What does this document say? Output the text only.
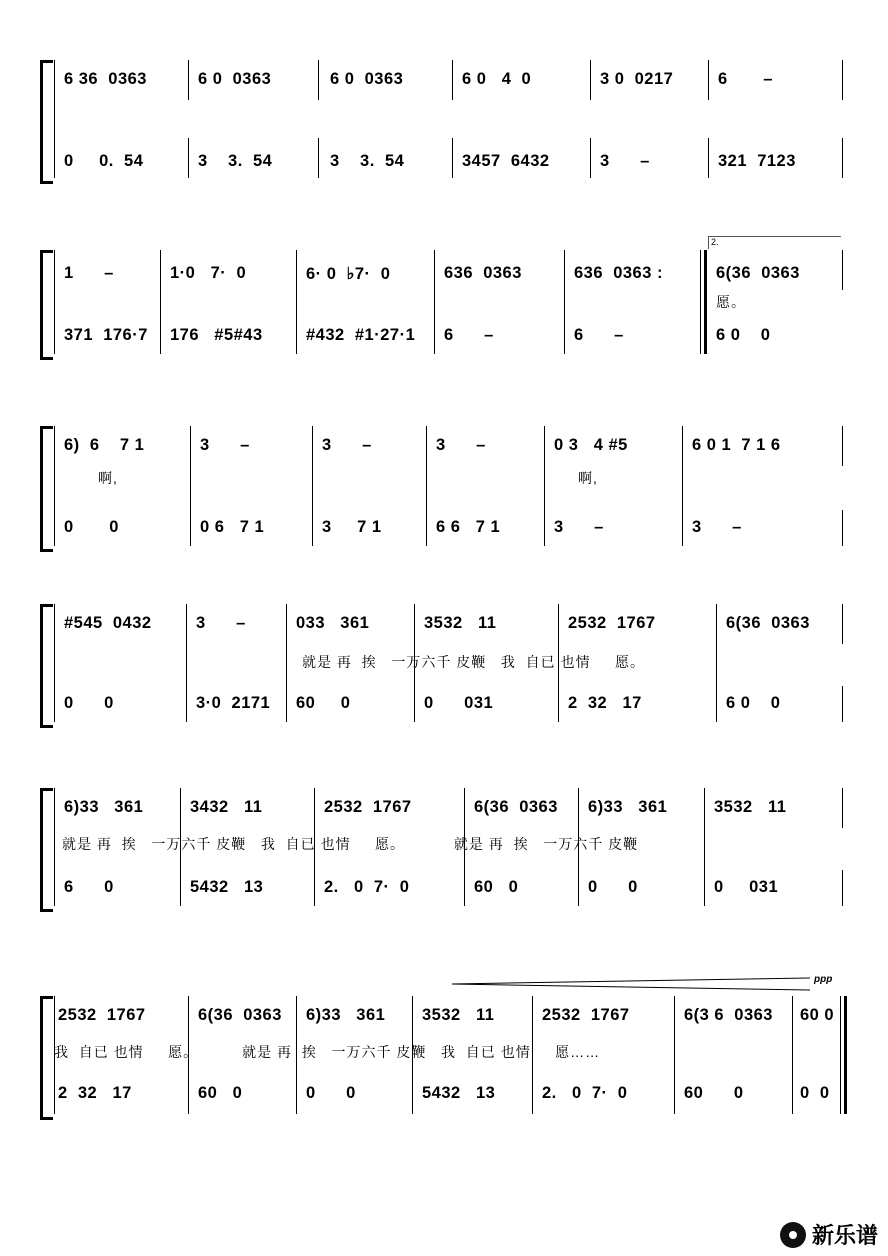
6 36  0363
0     0.  54
6 0  0363
3    3.  54
6 0  0363
3    3.  54
6 0   4  0
3457  6432
3 0  0217
3      –
6       –
321  7123
1      –
371  176·7
1·0   7·  0
176   #5#43
6· 0  ♭7·  0
#432  #1·27·1
636  0363
6      –
636  0363 :
6      –
2.
6(36  0363
愿。
6 0    0
6)  6    7 1
啊,
0       0
3      –
0 6   7 1
3      –
3     7 1
3      –
6 6   7 1
0 3   4 #5
啊,
3      –
6 0 1  7 1 6
3      –
#545  0432
0      0
3      –
3·0  2171
033   361
60     0
3532   11
0      031
2532  1767
2  32   17
6(36  0363
6 0    0
就是 再  挨   一万六千 皮鞭   我  自已 也情     愿。
6)33   361
6      0
3432   11
5432   13
2532  1767
2.   0  7·  0
6(36  0363
60   0
6)33   361
0      0
3532   11
0     031
就是 再  挨   一万六千 皮鞭   我  自已 也情     愿。          就是 再  挨   一万六千 皮鞭
ppp
2532  1767
2  32   17
6(36  0363
60   0
6)33   361
0      0
3532   11
5432   13
2532  1767
2.   0  7·  0
6(3 6  0363
60      0
60 0
0  0
我  自已 也情     愿。         就是 再  挨   一万六千 皮鞭   我  自已 也情     愿……
新乐谱
